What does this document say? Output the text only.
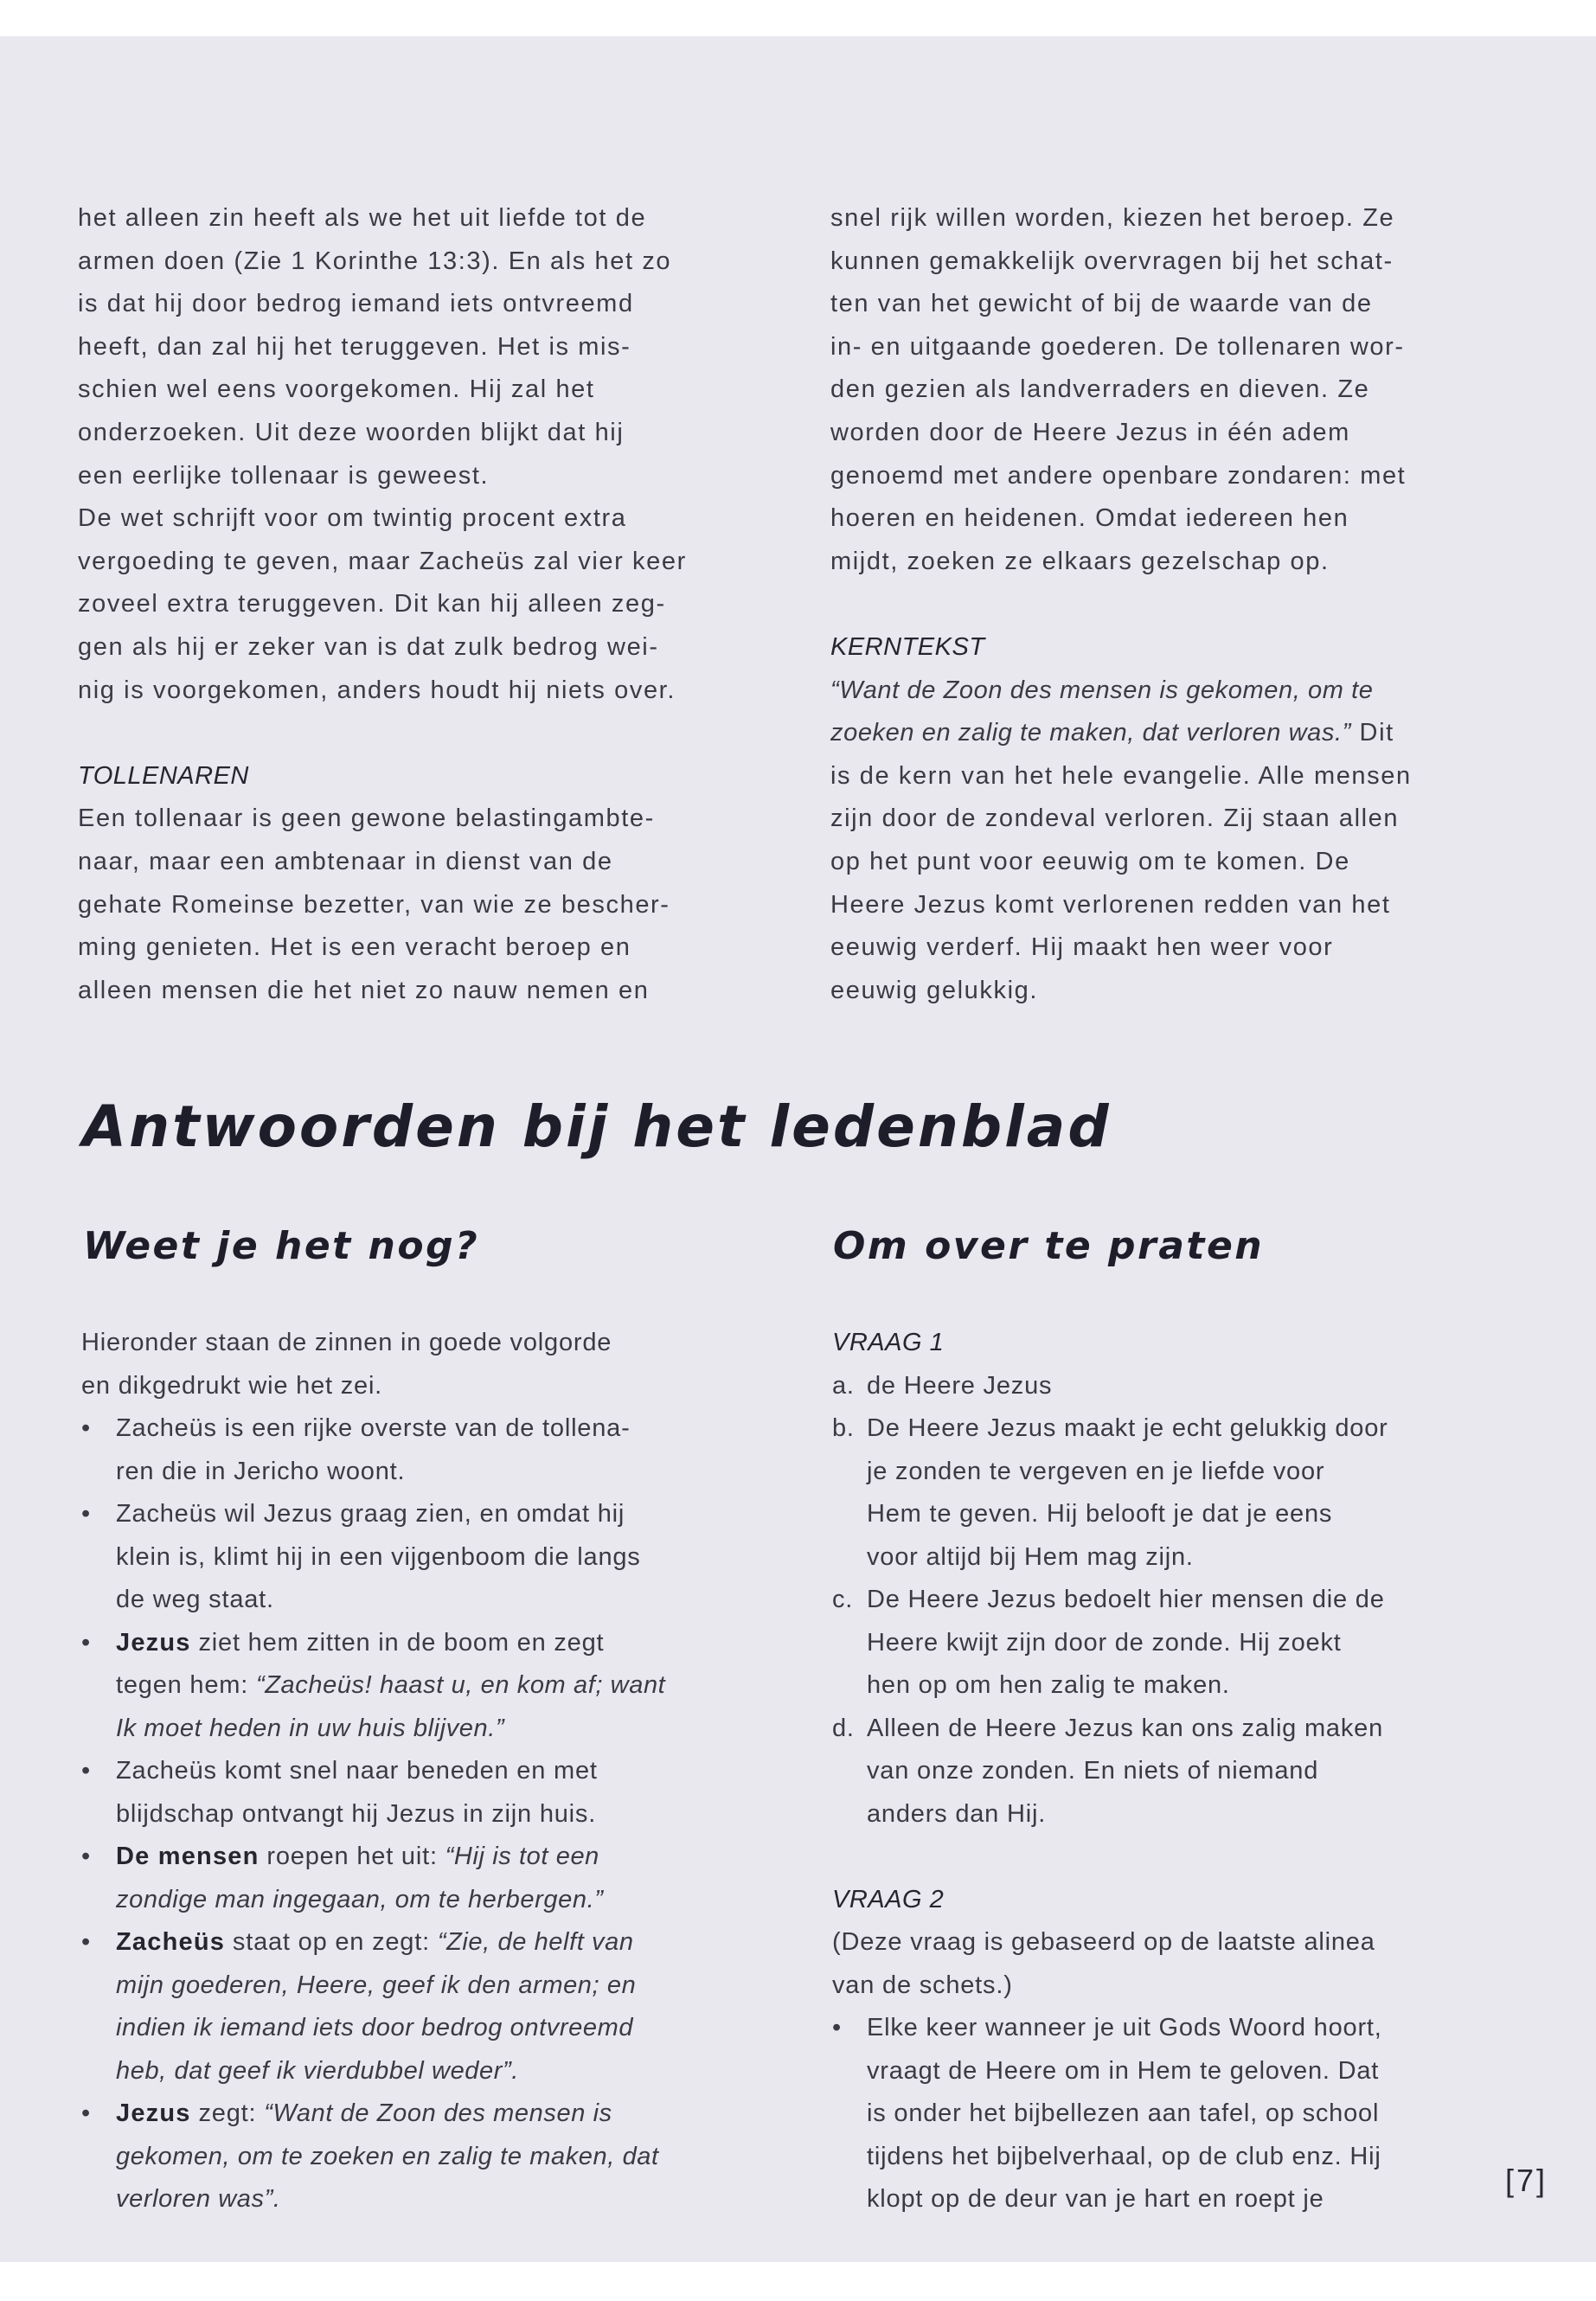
het alleen zin heeft als we het uit liefde tot de
armen doen (Zie 1 Korinthe 13:3). En als het zo
is dat hij door bedrog iemand iets ontvreemd
heeft, dan zal hij het teruggeven. Het is mis-
schien wel eens voorgekomen. Hij zal het
onderzoeken. Uit deze woorden blijkt dat hij
een eerlijke tollenaar is geweest.
De wet schrijft voor om twintig procent extra
vergoeding te geven, maar Zacheüs zal vier keer
zoveel extra teruggeven. Dit kan hij alleen zeg-
gen als hij er zeker van is dat zulk bedrog wei-
nig is voorgekomen, anders houdt hij niets over.
TOLLENAREN
Een tollenaar is geen gewone belastingambte-
naar, maar een ambtenaar in dienst van de
gehate Romeinse bezetter, van wie ze bescher-
ming genieten. Het is een veracht beroep en
alleen mensen die het niet zo nauw nemen en
snel rijk willen worden, kiezen het beroep. Ze
kunnen gemakkelijk overvragen bij het schat-
ten van het gewicht of bij de waarde van de
in- en uitgaande goederen. De tollenaren wor-
den gezien als landverraders en dieven. Ze
worden door de Heere Jezus in één adem
genoemd met andere openbare zondaren: met
hoeren en heidenen. Omdat iedereen hen
mijdt, zoeken ze elkaars gezelschap op.
KERNTEKST
“Want de Zoon des mensen is gekomen, om te
zoeken en zalig te maken, dat verloren was.” Dit
is de kern van het hele evangelie. Alle mensen
zijn door de zondeval verloren. Zij staan allen
op het punt voor eeuwig om te komen. De
Heere Jezus komt verlorenen redden van het
eeuwig verderf. Hij maakt hen weer voor
eeuwig gelukkig.
Antwoorden bij het ledenblad
Weet je het nog?	Om over te praten
Hieronder staan de zinnen in goede volgorde
en dikgedrukt wie het zei.
•	Zacheüs is een rijke overste van de tollena-
ren die in Jericho woont.
•	Zacheüs wil Jezus graag zien, en omdat hij
klein is, klimt hij in een vijgenboom die langs
de weg staat.
•	Jezus ziet hem zitten in de boom en zegt
tegen hem: “Zacheüs! haast u, en kom af; want
Ik moet heden in uw huis blijven.”
•	Zacheüs komt snel naar beneden en met
blijdschap ontvangt hij Jezus in zijn huis.
•	De mensen roepen het uit: “Hij is tot een
zondige man ingegaan, om te herbergen.”
•	Zacheüs staat op en zegt: “Zie, de helft van
mijn goederen, Heere, geef ik den armen; en
indien ik iemand iets door bedrog ontvreemd
heb, dat geef ik vierdubbel weder”.
•	Jezus zegt: “Want de Zoon des mensen is
gekomen, om te zoeken en zalig te maken, dat
verloren was”.
VRAAG 1
a. de Heere Jezus
b. De Heere Jezus maakt je echt gelukkig door
je zonden te vergeven en je liefde voor
Hem te geven. Hij belooft je dat je eens
voor altijd bij Hem mag zijn.
c. De Heere Jezus bedoelt hier mensen die de
Heere kwijt zijn door de zonde. Hij zoekt
hen op om hen zalig te maken.
d. Alleen de Heere Jezus kan ons zalig maken
van onze zonden. En niets of niemand
anders dan Hij.
VRAAG 2
(Deze vraag is gebaseerd op de laatste alinea
van de schets.)
•	Elke keer wanneer je uit Gods Woord hoort,
vraagt de Heere om in Hem te geloven. Dat
is onder het bijbellezen aan tafel, op school
tijdens het bijbelverhaal, op de club enz. Hij
klopt op de deur van je hart en roept je
[7]
